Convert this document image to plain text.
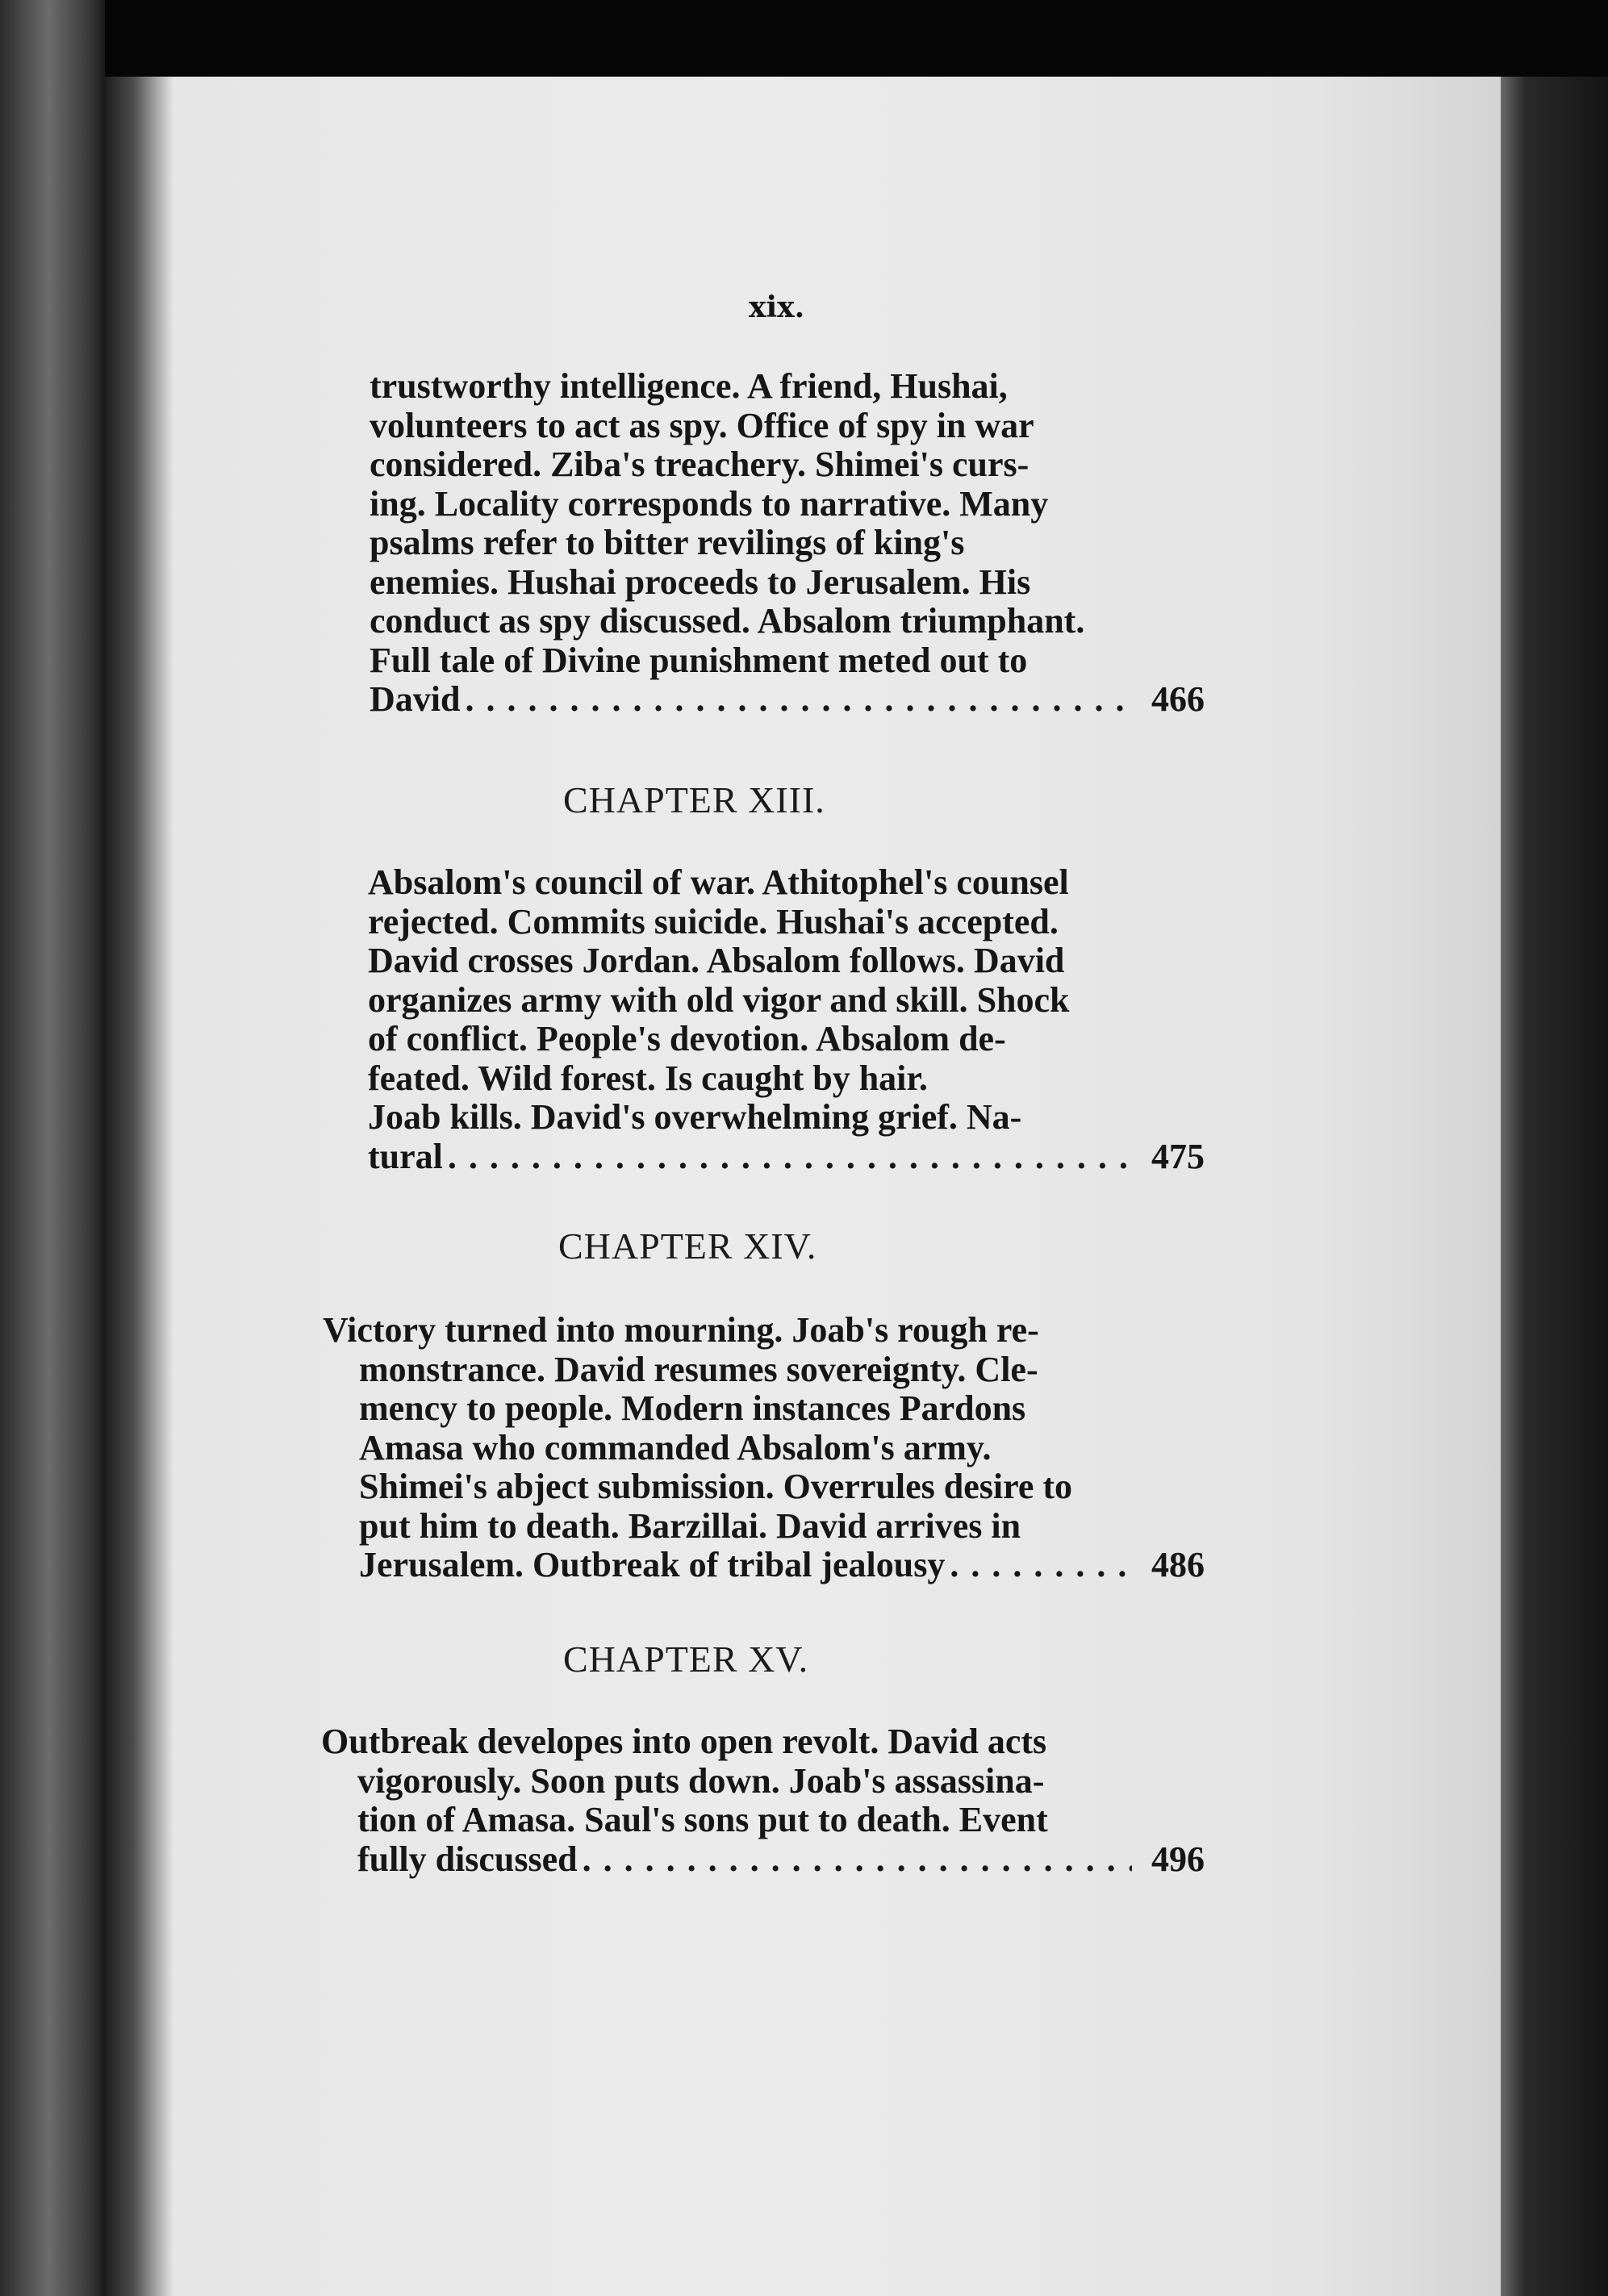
xix.
trustworthy intelligence. A friend, Hushai,
volunteers to act as spy. Office of spy in war
considered. Ziba's treachery. Shimei's curs-
ing. Locality corresponds to narrative. Many
psalms refer to bitter revilings of king's
enemies. Hushai proceeds to Jerusalem. His
conduct as spy discussed. Absalom triumphant.
Full tale of Divine punishment meted out to
David . . .	466
CHAPTER XIII.
Absalom's council of war. Athitophel's counsel
rejected. Commits suicide. Hushai's accepted.
David crosses Jordan. Absalom follows. David
organizes army with old vigor and skill. Shock
of conflict. People's devotion. Absalom de-
feated. Wild forest. Is caught by hair.
Joab kills. David's overwhelming grief. Na-
tural . . .	475
CHAPTER XIV.
Victory turned into mourning. Joab's rough re-
monstrance. David resumes sovereignty. Cle-
mency to people. Modern instances Pardons
Amasa who commanded Absalom's army.
Shimei's abject submission. Overrules desire to
put him to death. Barzillai. David arrives in
Jerusalem. Outbreak of tribal jealousy . . .	486
CHAPTER XV.
Outbreak developes into open revolt. David acts
vigorously. Soon puts down. Joab's assassina-
tion of Amasa. Saul's sons put to death. Event
fully discussed . . .	496
